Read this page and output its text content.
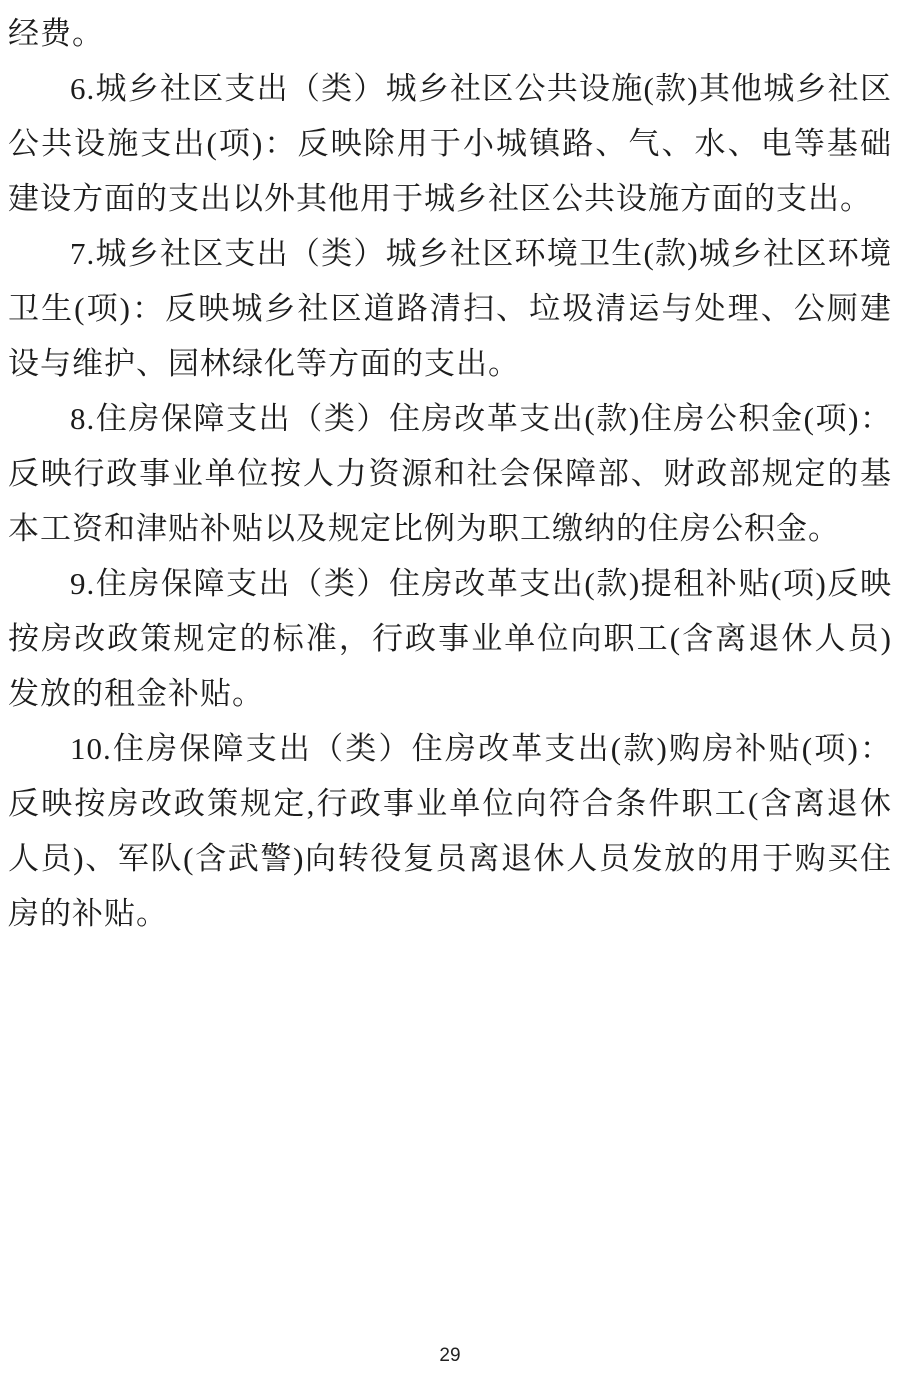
经费。

6.城乡社区支出（类）城乡社区公共设施(款)其他城乡社区公共设施支出(项)：反映除用于小城镇路、气、水、电等基础建设方面的支出以外其他用于城乡社区公共设施方面的支出。

7.城乡社区支出（类）城乡社区环境卫生(款)城乡社区环境卫生(项)：反映城乡社区道路清扫、垃圾清运与处理、公厕建设与维护、园林绿化等方面的支出。

8.住房保障支出（类）住房改革支出(款)住房公积金(项)：反映行政事业单位按人力资源和社会保障部、财政部规定的基本工资和津贴补贴以及规定比例为职工缴纳的住房公积金。

9.住房保障支出（类）住房改革支出(款)提租补贴(项)反映按房改政策规定的标准，行政事业单位向职工(含离退休人员)发放的租金补贴。

10.住房保障支出（类）住房改革支出(款)购房补贴(项)：反映按房改政策规定,行政事业单位向符合条件职工(含离退休人员)、军队(含武警)向转役复员离退休人员发放的用于购买住房的补贴。

29
